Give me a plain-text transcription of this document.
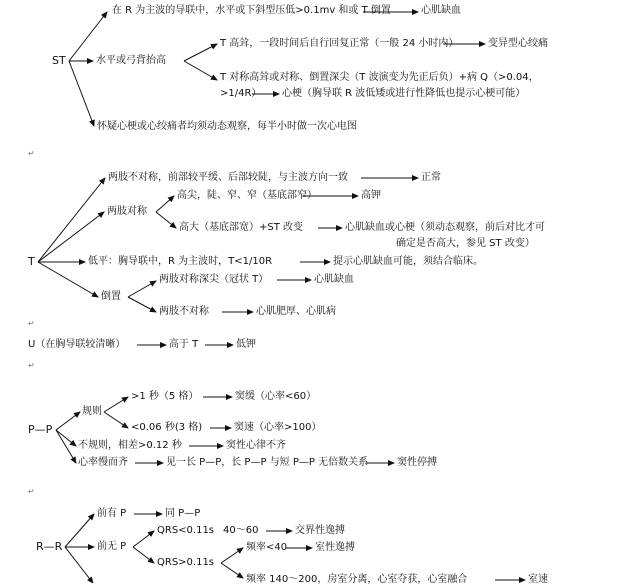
ST
在 R 为主波的导联中，水平或下斜型压低>0.1mv 和或 T 倒置	心肌缺血
水平或弓背抬高
T 高耸，一段时间后自行回复正常（一般 24 小时内）	变异型心绞痛
T 对称高耸或对称、倒置深尖（T 波演变为先正后负）+病 Q（>0.04，
>1/4R） 心梗（胸导联 R 波低矮或进行性降低也提示心梗可能）
怀疑心梗或心绞痛者均须动态观察，每半小时做一次心电图
T
两肢不对称，前部较平缓、后部较陡，与主波方向一致	正常
两肢对称
高尖，陡、窄、窄（基底部窄）	高钾
高大（基底部宽）+ST 改变	心肌缺血或心梗（须动态观察，前后对比才可
确定是否高大，参见 ST 改变）
低平：胸导联中，R 为主波时，T<1/10R	提示心肌缺血可能，须结合临床。
倒置
两肢对称深尖（冠状 T）	心肌缺血
两肢不对称	心肌肥厚、心肌病
U（在胸导联较清晰）	高于 T	低钾
P—P
规则
>1 秒（5 格）	窦缓（心率<60）
<0.06 秒(3 格)	窦速（心率>100）
不规则，相差>0.12 秒	窦性心律不齐
心率慢而齐	见一长 P—P，长 P—P 与短 P—P 无倍数关系	窦性停搏
R—R
前有 P	同 P—P
前无 P
QRS<0.11s 40～60	交界性逸搏
QRS>0.11s
频率<40	室性逸搏
频率 140～200，房室分离，心室夺获，心室融合	室速
↵
↵
↵
↵
